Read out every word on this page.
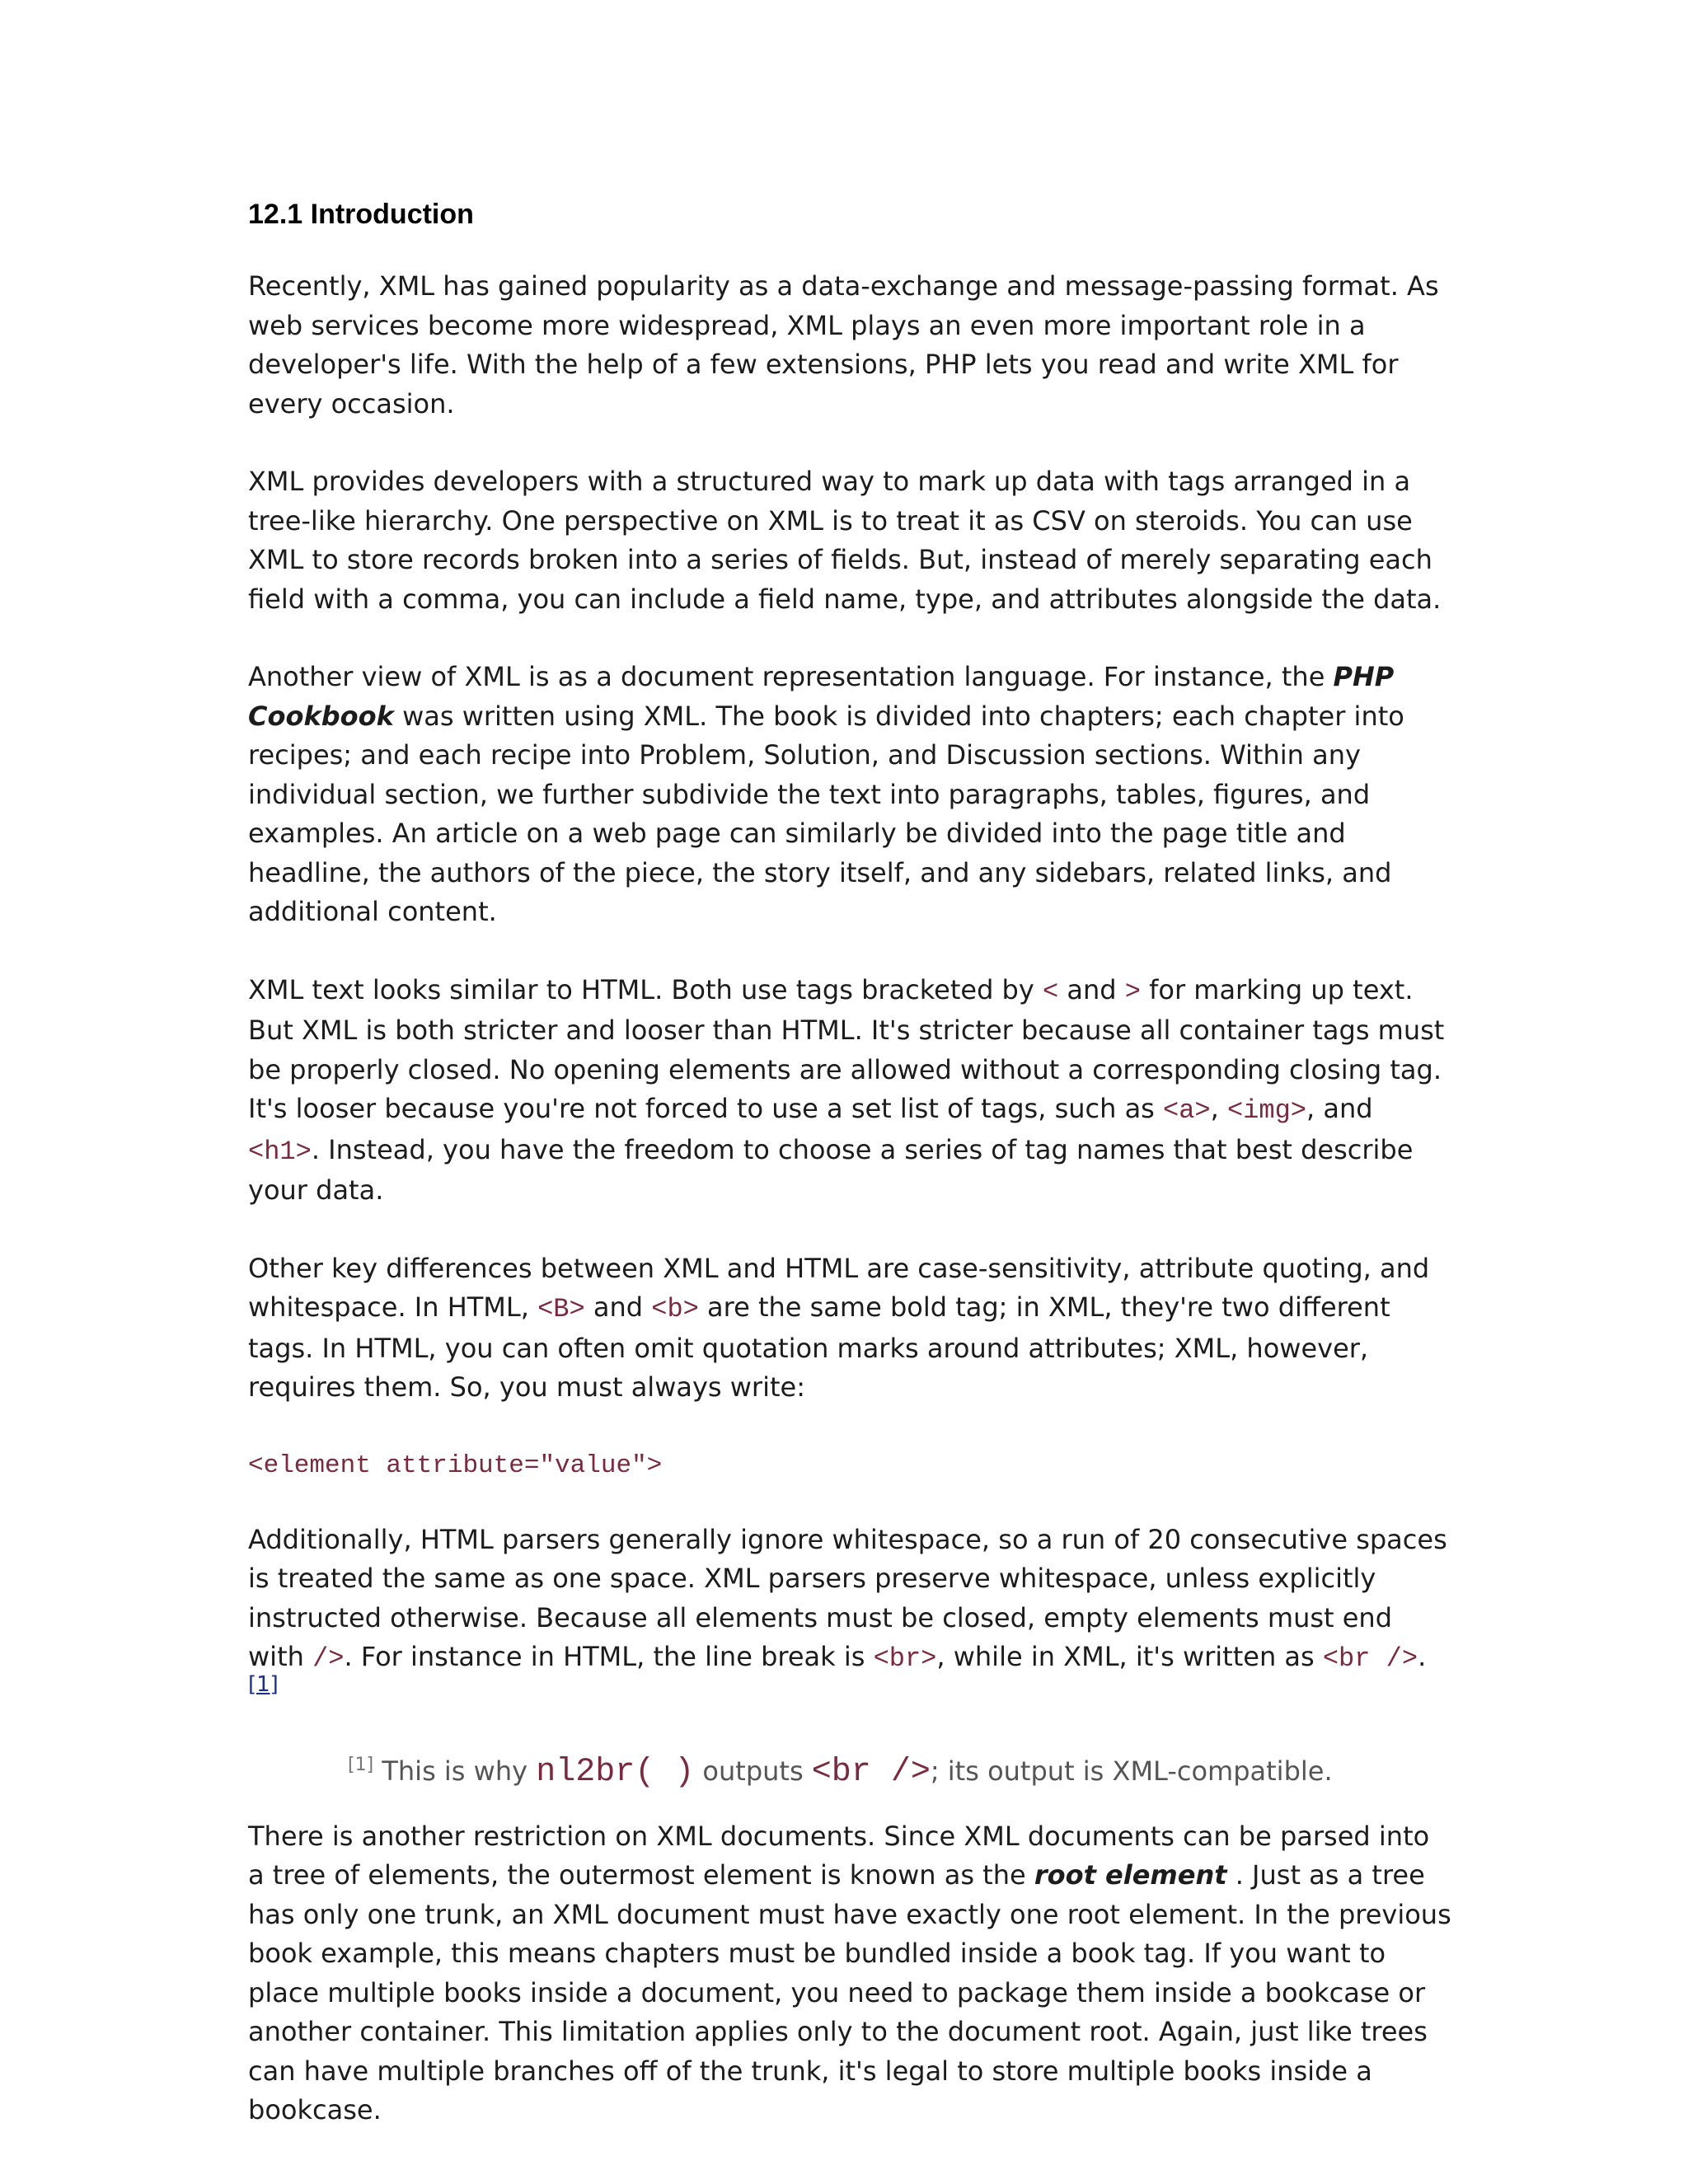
12.1 Introduction

Recently, XML has gained popularity as a data-exchange and message-passing format. As web services become more widespread, XML plays an even more important role in a developer's life. With the help of a few extensions, PHP lets you read and write XML for every occasion.

XML provides developers with a structured way to mark up data with tags arranged in a tree-like hierarchy. One perspective on XML is to treat it as CSV on steroids. You can use XML to store records broken into a series of fields. But, instead of merely separating each field with a comma, you can include a field name, type, and attributes alongside the data.

Another view of XML is as a document representation language. For instance, the PHP Cookbook was written using XML. The book is divided into chapters; each chapter into recipes; and each recipe into Problem, Solution, and Discussion sections. Within any individual section, we further subdivide the text into paragraphs, tables, figures, and examples. An article on a web page can similarly be divided into the page title and headline, the authors of the piece, the story itself, and any sidebars, related links, and additional content.

XML text looks similar to HTML. Both use tags bracketed by < and > for marking up text. But XML is both stricter and looser than HTML. It's stricter because all container tags must be properly closed. No opening elements are allowed without a corresponding closing tag. It's looser because you're not forced to use a set list of tags, such as <a>, <img>, and <h1>. Instead, you have the freedom to choose a series of tag names that best describe your data.

Other key differences between XML and HTML are case-sensitivity, attribute quoting, and whitespace. In HTML, <B> and <b> are the same bold tag; in XML, they're two different tags. In HTML, you can often omit quotation marks around attributes; XML, however, requires them. So, you must always write:

<element attribute="value">

Additionally, HTML parsers generally ignore whitespace, so a run of 20 consecutive spaces is treated the same as one space. XML parsers preserve whitespace, unless explicitly instructed otherwise. Because all elements must be closed, empty elements must end with />. For instance in HTML, the line break is <br>, while in XML, it's written as <br />.[1]

[1] This is why nl2br( ) outputs <br />; its output is XML-compatible.

There is another restriction on XML documents. Since XML documents can be parsed into a tree of elements, the outermost element is known as the root element . Just as a tree has only one trunk, an XML document must have exactly one root element. In the previous book example, this means chapters must be bundled inside a book tag. If you want to place multiple books inside a document, you need to package them inside a bookcase or another container. This limitation applies only to the document root. Again, just like trees can have multiple branches off of the trunk, it's legal to store multiple books inside a bookcase.
